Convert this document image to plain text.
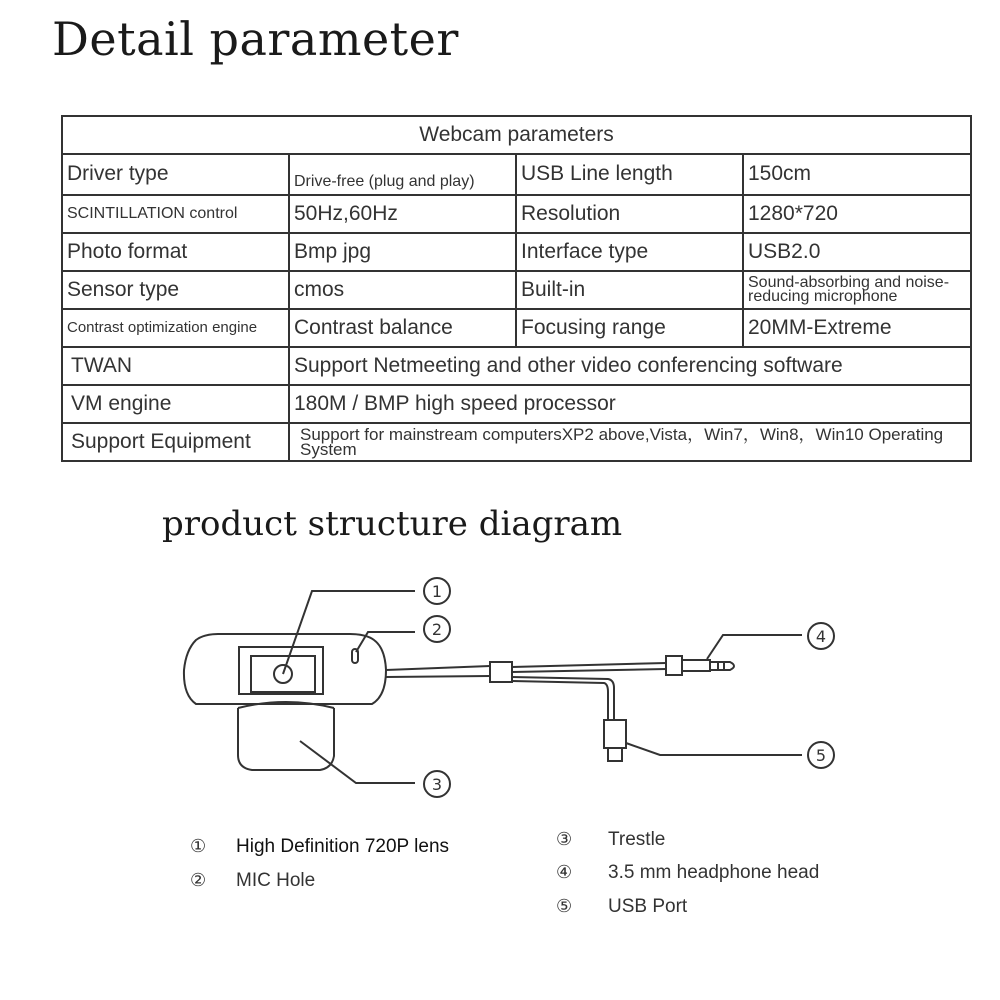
Detail parameter
Webcam parameters			
Driver type	Drive-free (plug and play)	USB Line length	150cm
SCINTILLATION control	50Hz,60Hz	Resolution	1280*720
Photo format	Bmp jpg	Interface type	USB2.0
Sensor type	cmos	Built-in	Sound-absorbing and noise-reducing microphone
Contrast optimization engine	Contrast balance	Focusing range	20MM-Extreme
TWAN	Support Netmeeting and other video conferencing software		
VM engine	180M / BMP high speed processor		
Support Equipment	Support for mainstream computersXP2 above,Vista，Win7，Win8，Win10 Operating System		
product structure diagram
1
2
3
4
5
① High Definition 720P lens
② MIC Hole
③ Trestle
④ 3.5 mm headphone head
⑤ USB Port
